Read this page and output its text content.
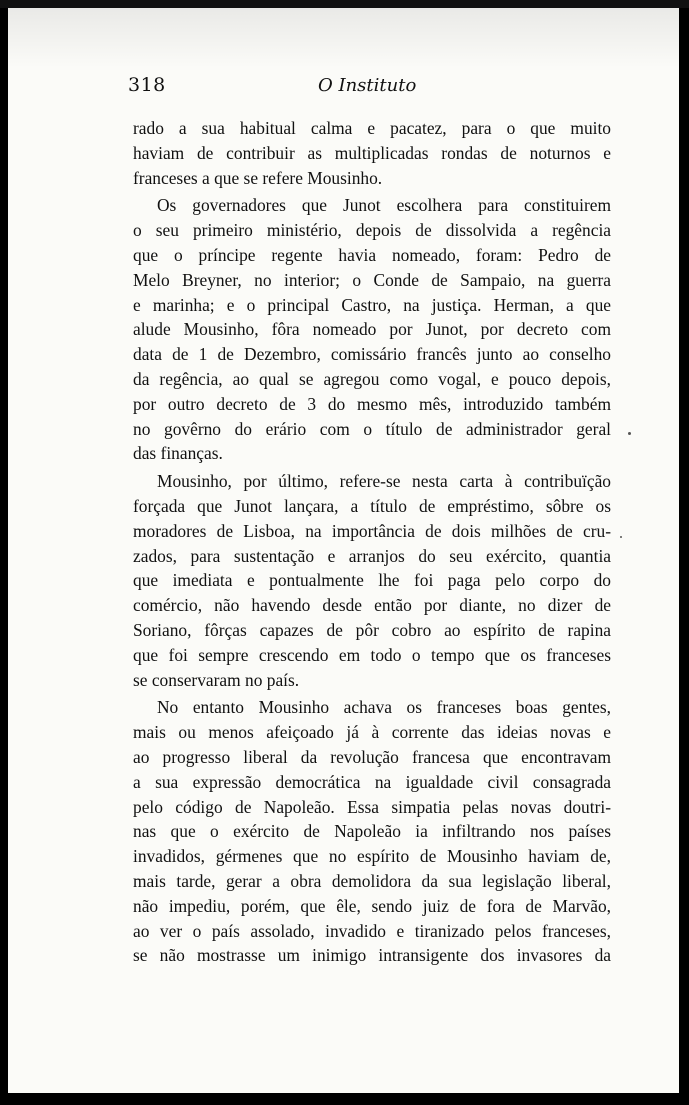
318	O Instituto
rado a sua habitual calma e pacatez, para o que muito
haviam de contribuir as multiplicadas rondas de noturnos e
franceses a que se refere Mousinho.
Os governadores que Junot escolhera para constituirem
o seu primeiro ministério, depois de dissolvida a regência
que o príncipe regente havia nomeado, foram: Pedro de
Melo Breyner, no interior; o Conde de Sampaio, na guerra
e marinha; e o principal Castro, na justiça. Herman, a que
alude Mousinho, fôra nomeado por Junot, por decreto com
data de 1 de Dezembro, comissário francês junto ao conselho
da regência, ao qual se agregou como vogal, e pouco depois,
por outro decreto de 3 do mesmo mês, introduzido também
no govêrno do erário com o título de administrador geral
das finanças.
Mousinho, por último, refere-se nesta carta à contribuïção
forçada que Junot lançara, a título de empréstimo, sôbre os
moradores de Lisboa, na importância de dois milhões de cru-
zados, para sustentação e arranjos do seu exército, quantia
que imediata e pontualmente lhe foi paga pelo corpo do
comércio, não havendo desde então por diante, no dizer de
Soriano, fôrças capazes de pôr cobro ao espírito de rapina
que foi sempre crescendo em todo o tempo que os franceses
se conservaram no país.
No entanto Mousinho achava os franceses boas gentes,
mais ou menos afeiçoado já à corrente das ideias novas e
ao progresso liberal da revolução francesa que encontravam
a sua expressão democrática na igualdade civil consagrada
pelo código de Napoleão. Essa simpatia pelas novas doutri-
nas que o exército de Napoleão ia infiltrando nos países
invadidos, gérmenes que no espírito de Mousinho haviam de,
mais tarde, gerar a obra demolidora da sua legislação liberal,
não impediu, porém, que êle, sendo juiz de fora de Marvão,
ao ver o país assolado, invadido e tiranizado pelos franceses,
se não mostrasse um inimigo intransigente dos invasores da
